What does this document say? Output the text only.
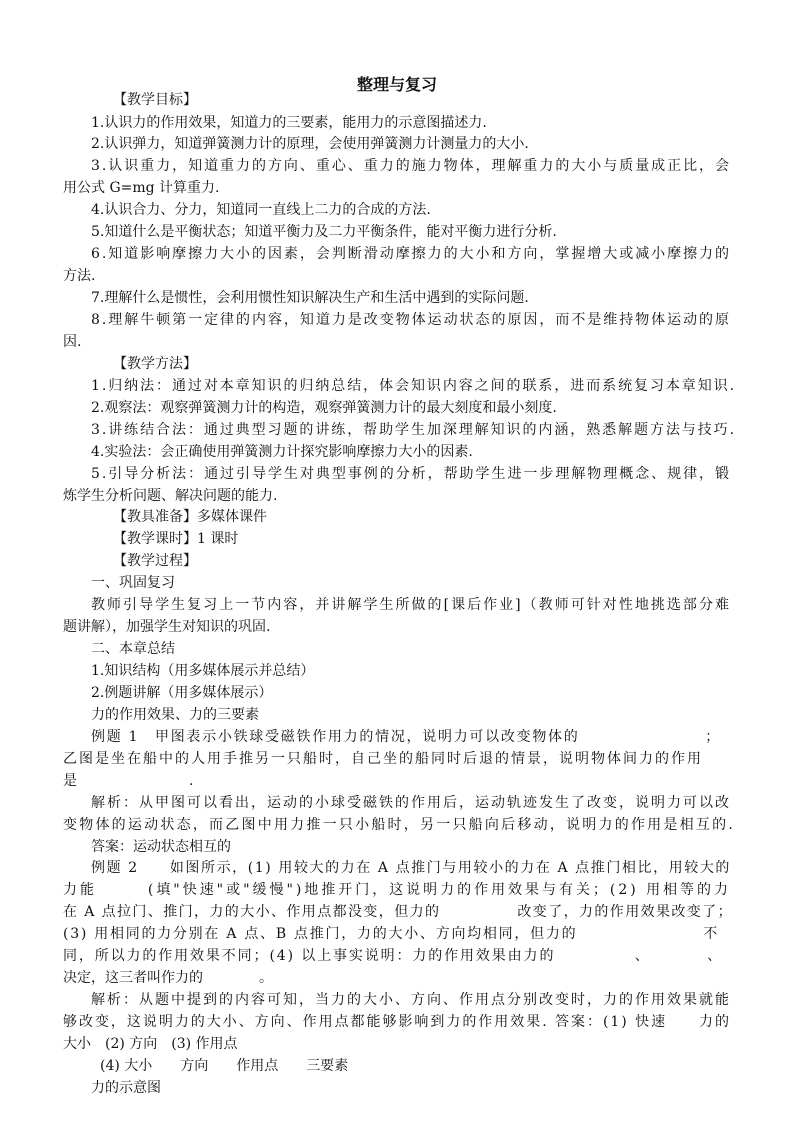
整理与复习
【教学目标】
1.认识力的作用效果，知道力的三要素，能用力的示意图描述力.
2.认识弹力，知道弹簧测力计的原理，会使用弹簧测力计测量力的大小.
3.认识重力，知道重力的方向、重心、重力的施力物体，理解重力的大小与质量成正比，会
用公式 G=mg 计算重力.
4.认识合力、分力，知道同一直线上二力的合成的方法.
5.知道什么是平衡状态；知道平衡力及二力平衡条件，能对平衡力进行分析.
6.知道影响摩擦力大小的因素，会判断滑动摩擦力的大小和方向，掌握增大或减小摩擦力的
方法.
7.理解什么是惯性，会利用惯性知识解决生产和生活中遇到的实际问题.
8.理解牛顿第一定律的内容，知道力是改变物体运动状态的原因，而不是维持物体运动的原
因.
【教学方法】
1.归纳法：通过对本章知识的归纳总结，体会知识内容之间的联系，进而系统复习本章知识.
2.观察法：观察弹簧测力计的构造，观察弹簧测力计的最大刻度和最小刻度.
3.讲练结合法：通过典型习题的讲练，帮助学生加深理解知识的内涵，熟悉解题方法与技巧.
4.实验法：会正确使用弹簧测力计探究影响摩擦力大小的因素.
5.引导分析法：通过引导学生对典型事例的分析，帮助学生进一步理解物理概念、规律，锻
炼学生分析问题、解决问题的能力.
【教具准备】多媒体课件
【教学课时】1 课时
【教学过程】
一、巩固复习
教师引导学生复习上一节内容，并讲解学生所做的[课后作业]（教师可针对性地挑选部分难
题讲解），加强学生对知识的巩固.
二、本章总结
1.知识结构（用多媒体展示并总结）
2.例题讲解（用多媒体展示）
力的作用效果、力的三要素
例题 1　甲图表示小铁球受磁铁作用力的情况，说明力可以改变物体的　　　　　　　　；
乙图是坐在船中的人用手推另一只船时，自己坐的船同时后退的情景，说明物体间力的作用
是　　　　　　　　.
解析：从甲图可以看出，运动的小球受磁铁的作用后，运动轨迹发生了改变，说明力可以改
变物体的运动状态，而乙图中用力推一只小船时，另一只船向后移动，说明力的作用是相互的.
答案：运动状态相互的
例题 2　　如图所示，(1) 用较大的力在 A 点推门与用较小的力在 A 点推门相比，用较大的
力能　　　(填"快速"或"缓慢")地推开门，这说明力的作用效果与有关；(2) 用相等的力
在 A 点拉门、推门，力的大小、作用点都没变，但力的　　　　　改变了，力的作用效果改变了；
(3) 用相同的力分别在 A 点、B 点推门，力的大小、方向均相同，但力的　　　　　　　　不
同，所以力的作用效果不同；(4) 以上事实说明：力的作用效果由力的　　　　　、　　　　、
决定，这三者叫作力的　　　　。
解析：从题中提到的内容可知，当力的大小、方向、作用点分别改变时，力的作用效果就能
够改变，这说明力的大小、方向、作用点都能够影响到力的作用效果. 答案：(1) 快速　　力的
大小　(2) 方向　(3) 作用点
(4) 大小　　方向　　作用点　　三要素
力的示意图
